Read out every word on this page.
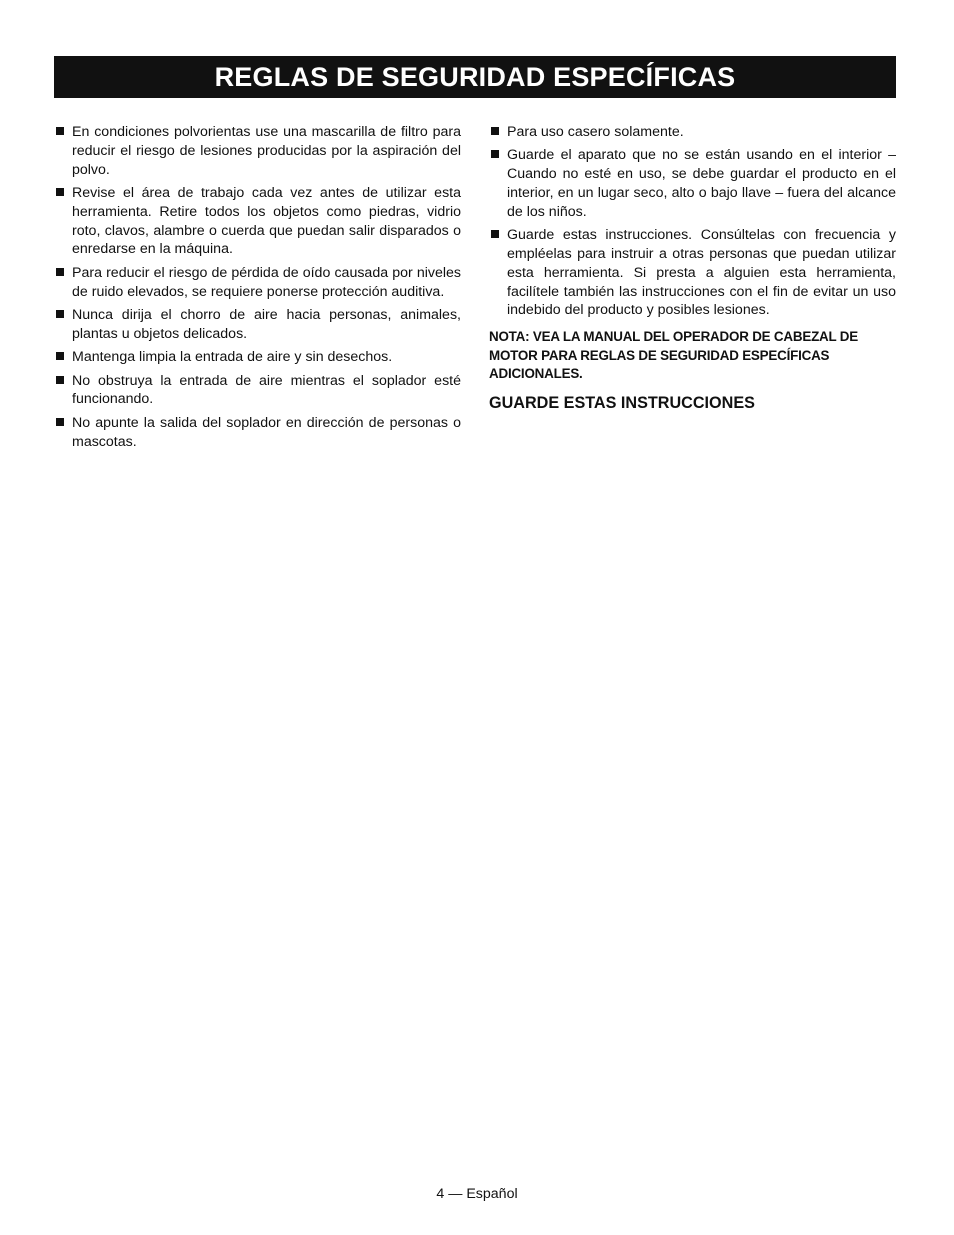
REGLAS DE SEGURIDAD ESPECÍFICAS
En condiciones polvorientas use una mascarilla de filtro para reducir el riesgo de lesiones producidas por la aspiración del polvo.
Revise el área de trabajo cada vez antes de utilizar esta herramienta. Retire todos los objetos como piedras, vidrio roto, clavos, alambre o cuerda que puedan salir disparados o enredarse en la máquina.
Para reducir el riesgo de pérdida de oído causada por niveles de ruido elevados, se requiere ponerse protección auditiva.
Nunca dirija el chorro de aire hacia personas, animales, plantas u objetos delicados.
Mantenga limpia la entrada de aire y sin desechos.
No obstruya la entrada de aire mientras el soplador esté funcionando.
No apunte la salida del soplador en dirección de personas o mascotas.
Para uso casero solamente.
Guarde el aparato que no se están usando en el interior – Cuando no esté en uso, se debe guardar el producto en el interior, en un lugar seco, alto o bajo llave – fuera del alcance de los niños.
Guarde estas instrucciones. Consúltelas con frecuencia y empléelas para instruir a otras personas que puedan utilizar esta herramienta. Si presta a alguien esta herramienta, facilítele también las instrucciones con el fin de evitar un uso indebido del producto y posibles lesiones.

NOTA: VEA LA MANUAL DEL OPERADOR DE CABEZAL DE MOTOR PARA REGLAS DE SEGURIDAD ESPECÍFICAS ADICIONALES.

GUARDE ESTAS INSTRUCCIONES

4 — Español
